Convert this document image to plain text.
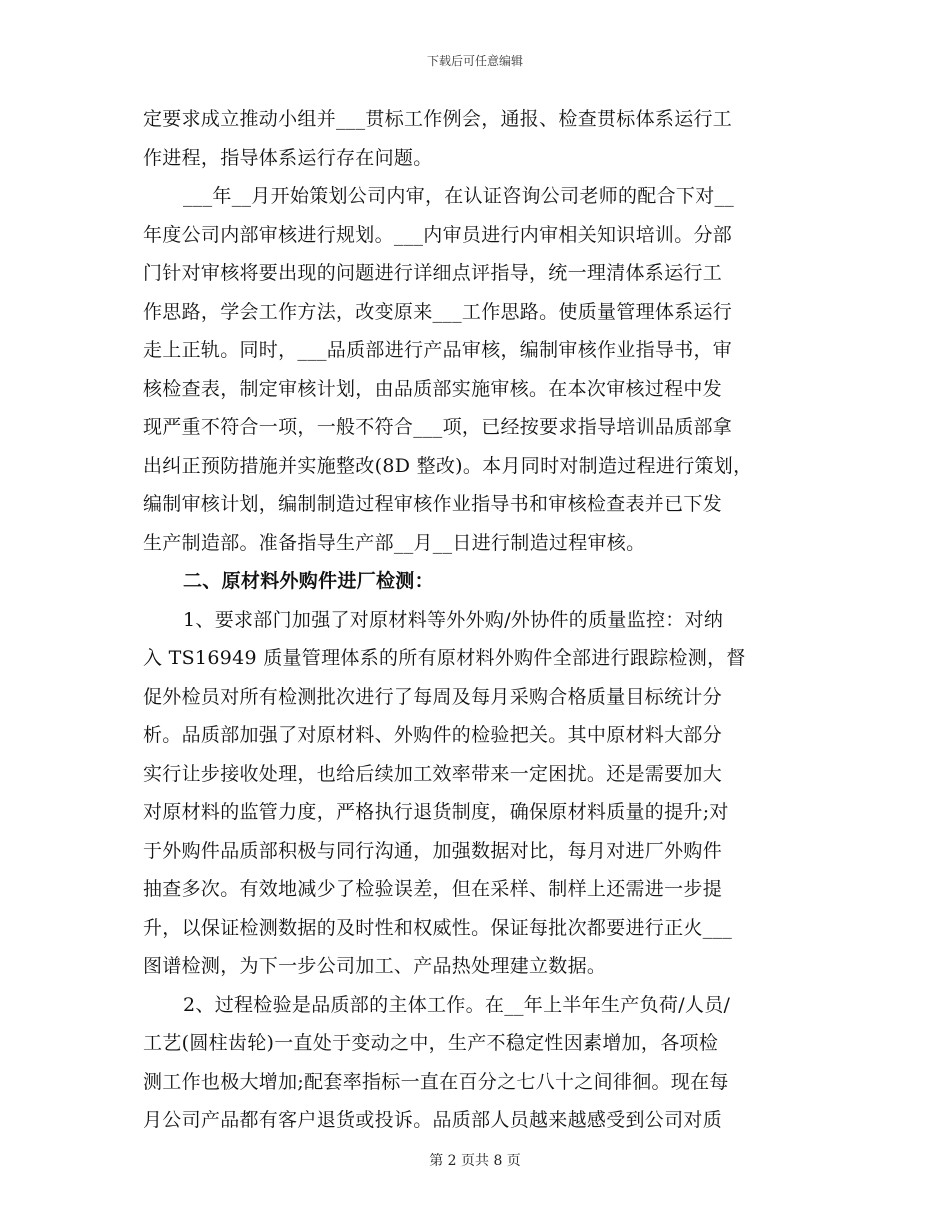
下载后可任意编辑
定要求成立推动小组并___贯标工作例会，通报、检查贯标体系运行工
作进程，指导体系运行存在问题。
___年__月开始策划公司内审，在认证咨询公司老师的配合下对__
年度公司内部审核进行规划。___内审员进行内审相关知识培训。分部
门针对审核将要出现的问题进行详细点评指导，统一理清体系运行工
作思路，学会工作方法，改变原来___工作思路。使质量管理体系运行
走上正轨。同时，___品质部进行产品审核，编制审核作业指导书，审
核检查表，制定审核计划，由品质部实施审核。在本次审核过程中发
现严重不符合一项，一般不符合___项，已经按要求指导培训品质部拿
出纠正预防措施并实施整改(8D 整改)。本月同时对制造过程进行策划，
编制审核计划，编制制造过程审核作业指导书和审核检查表并已下发
生产制造部。准备指导生产部__月__日进行制造过程审核。
二、原材料外购件进厂检测：
1、要求部门加强了对原材料等外外购/外协件的质量监控：对纳
入 TS16949 质量管理体系的所有原材料外购件全部进行跟踪检测，督
促外检员对所有检测批次进行了每周及每月采购合格质量目标统计分
析。品质部加强了对原材料、外购件的检验把关。其中原材料大部分
实行让步接收处理，也给后续加工效率带来一定困扰。还是需要加大
对原材料的监管力度，严格执行退货制度，确保原材料质量的提升;对
于外购件品质部积极与同行沟通，加强数据对比，每月对进厂外购件
抽查多次。有效地减少了检验误差，但在采样、制样上还需进一步提
升，以保证检测数据的及时性和权威性。保证每批次都要进行正火___
图谱检测，为下一步公司加工、产品热处理建立数据。
2、过程检验是品质部的主体工作。在__年上半年生产负荷/人员/
工艺(圆柱齿轮)一直处于变动之中，生产不稳定性因素增加，各项检
测工作也极大增加;配套率指标一直在百分之七八十之间徘徊。现在每
月公司产品都有客户退货或投诉。品质部人员越来越感受到公司对质
第 2 页共 8 页
